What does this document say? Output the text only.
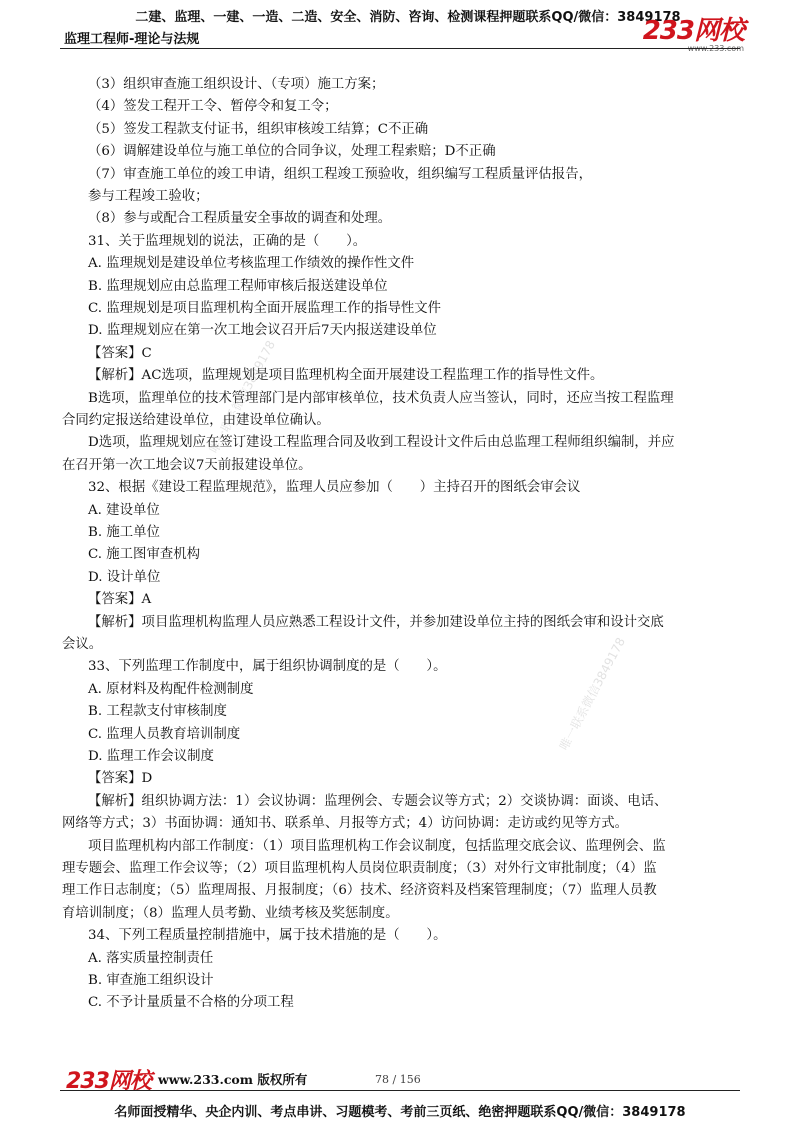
二建、监理、一建、一造、二造、安全、消防、咨询、检测课程押题联系QQ/微信：3849178
监理工程师-理论与法规	233网校
www.233.com
（3）组织审查施工组织设计、（专项）施工方案；
（4）签发工程开工令、暂停令和复工令；
（5）签发工程款支付证书，组织审核竣工结算；C不正确
（6）调解建设单位与施工单位的合同争议，处理工程索赔；D不正确
（7）审查施工单位的竣工申请，组织工程竣工预验收，组织编写工程质量评估报告，
参与工程竣工验收；
（8）参与或配合工程质量安全事故的调查和处理。
31、关于监理规划的说法，正确的是（　　）。
A. 监理规划是建设单位考核监理工作绩效的操作性文件
B. 监理规划应由总监理工程师审核后报送建设单位
C. 监理规划是项目监理机构全面开展监理工作的指导性文件
D. 监理规划应在第一次工地会议召开后7天内报送建设单位
【答案】C
【解析】AC选项，监理规划是项目监理机构全面开展建设工程监理工作的指导性文件。
B选项，监理单位的技术管理部门是内部审核单位，技术负责人应当签认，同时，还应当按工程监理
合同约定报送给建设单位，由建设单位确认。
D选项，监理规划应在签订建设工程监理合同及收到工程设计文件后由总监理工程师组织编制，并应
在召开第一次工地会议7天前报建设单位。
32、根据《建设工程监理规范》，监理人员应参加（　　）主持召开的图纸会审会议
A. 建设单位
B. 施工单位
C. 施工图审查机构
D. 设计单位
【答案】A
【解析】项目监理机构监理人员应熟悉工程设计文件，并参加建设单位主持的图纸会审和设计交底
会议。
33、下列监理工作制度中，属于组织协调制度的是（　　）。
A. 原材料及构配件检测制度
B. 工程款支付审核制度
C. 监理人员教育培训制度
D. 监理工作会议制度
【答案】D
【解析】组织协调方法：1）会议协调：监理例会、专题会议等方式；2）交谈协调：面谈、电话、
网络等方式；3）书面协调：通知书、联系单、月报等方式；4）访问协调：走访或约见等方式。
项目监理机构内部工作制度：（1）项目监理机构工作会议制度，包括监理交底会议、监理例会、监
理专题会、监理工作会议等；（2）项目监理机构人员岗位职责制度；（3）对外行文审批制度；（4）监
理工作日志制度；（5）监理周报、月报制度；（6）技术、经济资料及档案管理制度；（7）监理人员教
育培训制度；（8）监理人员考勤、业绩考核及奖惩制度。
34、下列工程质量控制措施中，属于技术措施的是（　　）。
A. 落实质量控制责任
B. 审查施工组织设计
C. 不予计量质量不合格的分项工程
唯一联系微信3849178
唯一联系微信3849178
233网校 www.233.com 版权所有	78 / 156
名师面授精华、央企内训、考点串讲、习题模考、考前三页纸、绝密押题联系QQ/微信：3849178
